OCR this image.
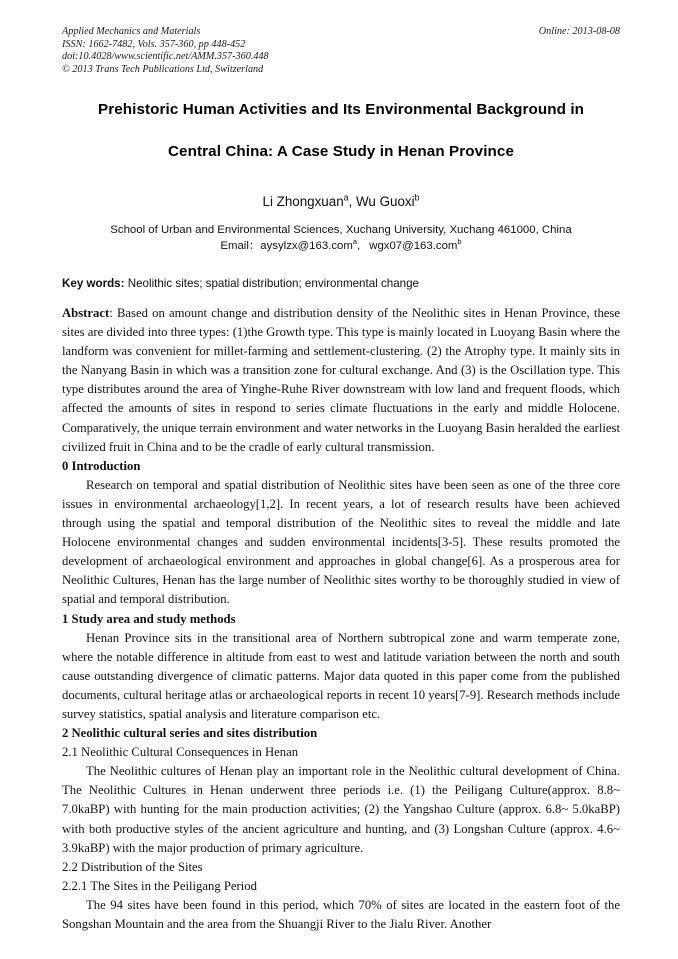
Applied Mechanics and Materials
ISSN: 1662-7482, Vols. 357-360, pp 448-452
doi:10.4028/www.scientific.net/AMM.357-360.448
© 2013 Trans Tech Publications Ltd, Switzerland
Online: 2013-08-08
Prehistoric Human Activities and Its Environmental Background in
Central China: A Case Study in Henan Province
Li Zhongxuan$^a$, Wu Guoxi$^b$
School of Urban and Environmental Sciences, Xuchang University, Xuchang 461000, China
Email：aysylzx@163.com$^a$, wgx07@163.com$^b$
Key words: Neolithic sites; spatial distribution; environmental change
Abstract: Based on amount change and distribution density of the Neolithic sites in Henan Province, these sites are divided into three types: (1)the Growth type. This type is mainly located in Luoyang Basin where the landform was convenient for millet-farming and settlement-clustering. (2) the Atrophy type. It mainly sits in the Nanyang Basin in which was a transition zone for cultural exchange. And (3) is the Oscillation type. This type distributes around the area of Yinghe-Ruhe River downstream with low land and frequent floods, which affected the amounts of sites in respond to series climate fluctuations in the early and middle Holocene. Comparatively, the unique terrain environment and water networks in the Luoyang Basin heralded the earliest civilized fruit in China and to be the cradle of early cultural transmission.
0 Introduction
Research on temporal and spatial distribution of Neolithic sites have been seen as one of the three core issues in environmental archaeology[1,2]. In recent years, a lot of research results have been achieved through using the spatial and temporal distribution of the Neolithic sites to reveal the middle and late Holocene environmental changes and sudden environmental incidents[3-5]. These results promoted the development of archaeological environment and approaches in global change[6]. As a prosperous area for Neolithic Cultures, Henan has the large number of Neolithic sites worthy to be thoroughly studied in view of spatial and temporal distribution.
1 Study area and study methods
Henan Province sits in the transitional area of Northern subtropical zone and warm temperate zone, where the notable difference in altitude from east to west and latitude variation between the north and south cause outstanding divergence of climatic patterns. Major data quoted in this paper come from the published documents, cultural heritage atlas or archaeological reports in recent 10 years[7-9]. Research methods include survey statistics, spatial analysis and literature comparison etc.
2 Neolithic cultural series and sites distribution
2.1 Neolithic Cultural Consequences in Henan
The Neolithic cultures of Henan play an important role in the Neolithic cultural development of China. The Neolithic Cultures in Henan underwent three periods i.e. (1) the Peiligang Culture(approx. 8.8~ 7.0kaBP) with hunting for the main production activities; (2) the Yangshao Culture (approx. 6.8~ 5.0kaBP) with both productive styles of the ancient agriculture and hunting, and (3) Longshan Culture (approx. 4.6~ 3.9kaBP) with the major production of primary agriculture.
2.2 Distribution of the Sites
2.2.1 The Sites in the Peiligang Period
The 94 sites have been found in this period, which 70% of sites are located in the eastern foot of the Songshan Mountain and the area from the Shuangji River to the Jialu River. Another
